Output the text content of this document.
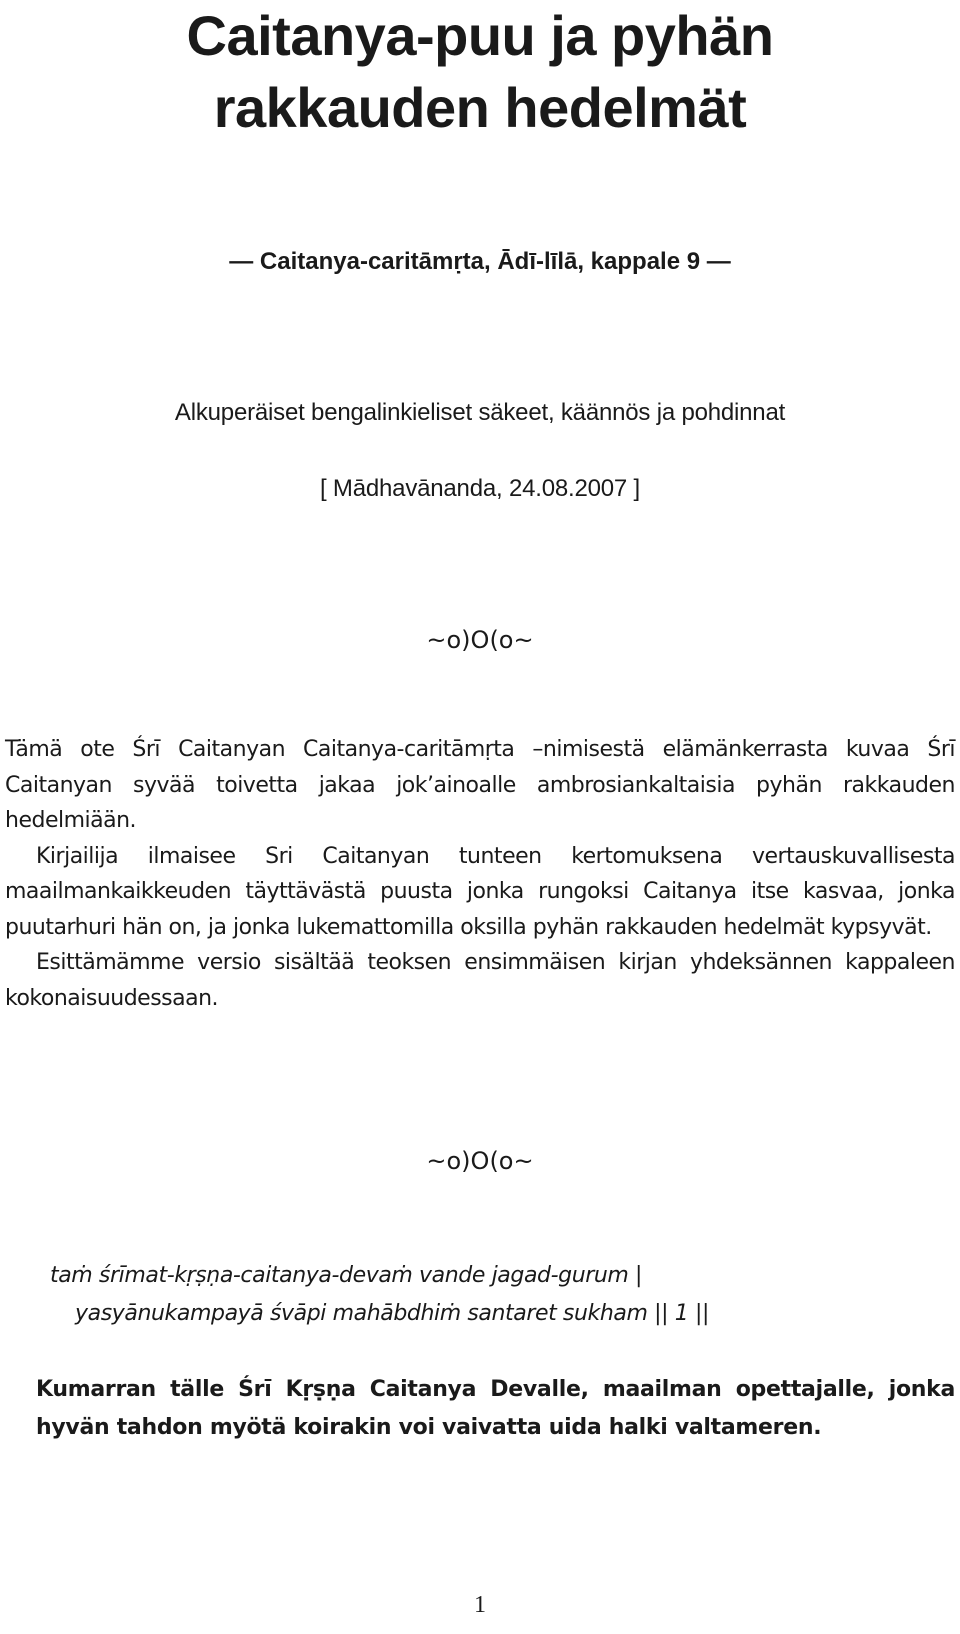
Caitanya-puu ja pyhän
rakkauden hedelmät
— Caitanya-caritāmṛta, Ādī-līlā, kappale 9 —
Alkuperäiset bengalinkieliset säkeet, käännös ja pohdinnat
[ Mādhavānanda, 24.08.2007 ]
~o)O(o~

Tämä ote Śrī Caitanyan Caitanya-caritāmṛta –nimisestä elämänkerrasta kuvaa Śrī Caitanyan syvää toivetta jakaa jok’ainoalle ambrosiankaltaisia pyhän rakkauden hedelmiään.

Kirjailija ilmaisee Sri Caitanyan tunteen kertomuksena vertauskuvallisesta maailmankaikkeuden täyttävästä puusta jonka rungoksi Caitanya itse kasvaa, jonka puutarhuri hän on, ja jonka lukemattomilla oksilla pyhän rakkauden hedelmät kypsyvät.

Esittämämme versio sisältää teoksen ensimmäisen kirjan yhdeksännen kappaleen kokonaisuudessaan.

~o)O(o~
taṁ śrīmat-kṛṣṇa-caitanya-devaṁ vande jagad-gurum |
yasyānukampayā śvāpi mahābdhiṁ santaret sukham || 1 ||

Kumarran tälle Śrī Kṛṣṇa Caitanya Devalle, maailman opettajalle, jonka hyvän tahdon myötä koirakin voi vaivatta uida halki valtameren.

1
